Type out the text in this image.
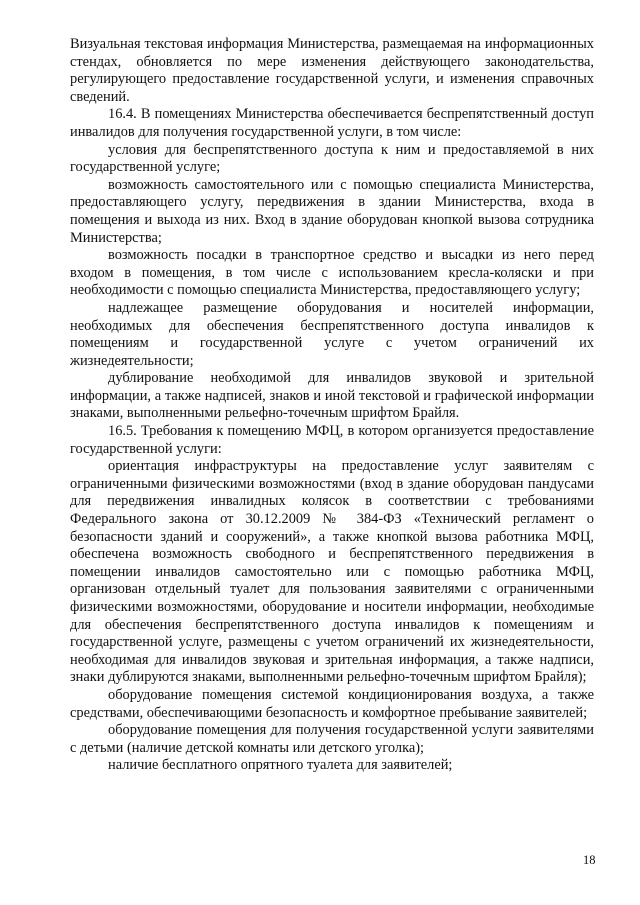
Визуальная текстовая информация Министерства, размещаемая на информационных стендах, обновляется по мере изменения действующего законодательства, регулирующего предоставление государственной услуги, и изменения справочных сведений.

16.4. В помещениях Министерства обеспечивается беспрепятственный доступ инвалидов для получения государственной услуги, в том числе:

условия для беспрепятственного доступа к ним и предоставляемой в них государственной услуге;

возможность самостоятельного или с помощью специалиста Министерства, предоставляющего услугу, передвижения в здании Министерства, входа в помещения и выхода из них. Вход в здание оборудован кнопкой вызова сотрудника Министерства;

возможность посадки в транспортное средство и высадки из него перед входом в помещения, в том числе с использованием кресла-коляски и при необходимости с помощью специалиста Министерства, предоставляющего услугу;

надлежащее размещение оборудования и носителей информации, необходимых для обеспечения беспрепятственного доступа инвалидов к помещениям и государственной услуге с учетом ограничений их жизнедеятельности;

дублирование необходимой для инвалидов звуковой и зрительной информации, а также надписей, знаков и иной текстовой и графической информации знаками, выполненными рельефно-точечным шрифтом Брайля.

16.5. Требования к помещению МФЦ, в котором организуется предоставление государственной услуги:

ориентация инфраструктуры на предоставление услуг заявителям с ограниченными физическими возможностями (вход в здание оборудован пандусами для передвижения инвалидных колясок в соответствии с требованиями Федерального закона от 30.12.2009 № 384-ФЗ «Технический регламент о безопасности зданий и сооружений», а также кнопкой вызова работника МФЦ, обеспечена возможность свободного и беспрепятственного передвижения в помещении инвалидов самостоятельно или с помощью работника МФЦ, организован отдельный туалет для пользования заявителями с ограниченными физическими возможностями, оборудование и носители информации, необходимые для обеспечения беспрепятственного доступа инвалидов к помещениям и государственной услуге, размещены с учетом ограничений их жизнедеятельности, необходимая для инвалидов звуковая и зрительная информация, а также надписи, знаки дублируются знаками, выполненными рельефно-точечным шрифтом Брайля);

оборудование помещения системой кондиционирования воздуха, а также средствами, обеспечивающими безопасность и комфортное пребывание заявителей;

оборудование помещения для получения государственной услуги заявителями с детьми (наличие детской комнаты или детского уголка);

наличие бесплатного опрятного туалета для заявителей;

18
